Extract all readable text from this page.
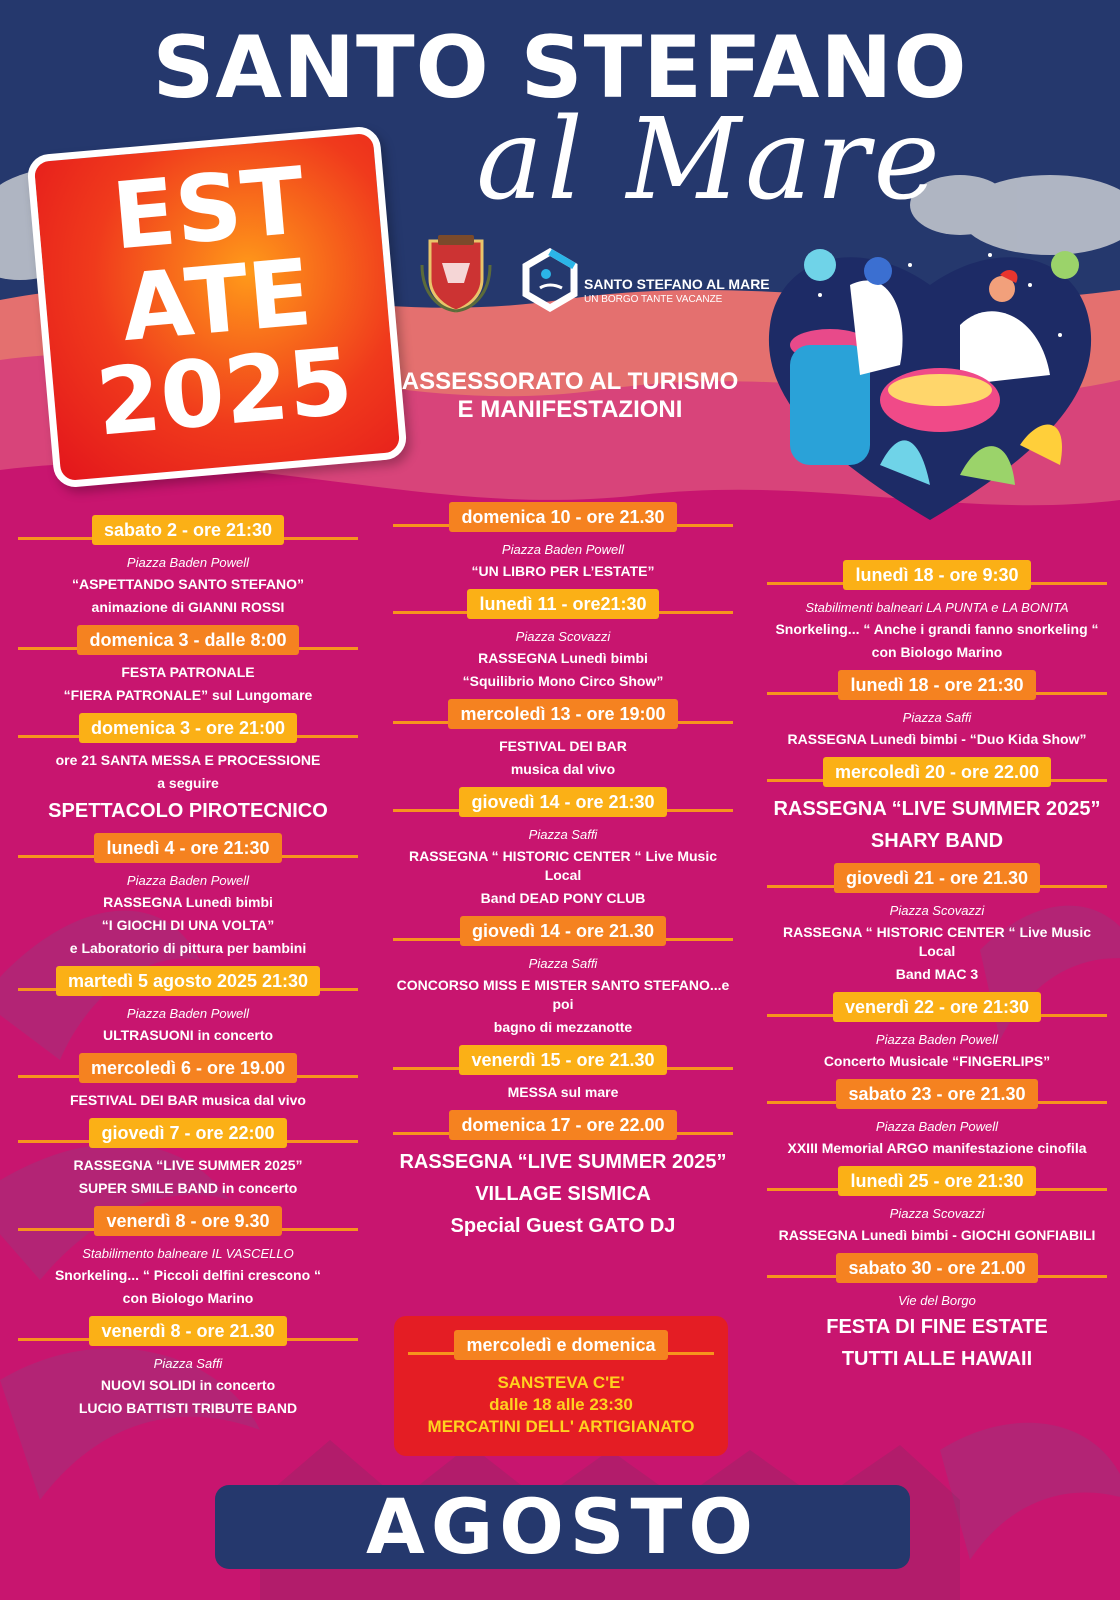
SANTO STEFANO
al Mare
EST
ATE
2025
SANTO STEFANO AL MARE
UN BORGO TANTE VACANZE
ASSESSORATO AL TURISMO
E MANIFESTAZIONI
sabato 2 - ore 21:30
Piazza Baden Powell
“ASPETTANDO SANTO STEFANO”
animazione di GIANNI ROSSI
domenica 3 - dalle 8:00
FESTA PATRONALE
“FIERA PATRONALE” sul Lungomare
domenica 3 - ore 21:00
ore 21 SANTA MESSA E PROCESSIONE
a seguire
SPETTACOLO PIROTECNICO
lunedì 4 - ore 21:30
Piazza Baden Powell
RASSEGNA Lunedì bimbi
“I GIOCHI DI UNA VOLTA”
e Laboratorio di pittura per bambini
martedì 5 agosto 2025 21:30
Piazza Baden Powell
ULTRASUONI in concerto
mercoledì 6 - ore 19.00
FESTIVAL DEI BAR musica dal vivo
giovedì 7 - ore 22:00
RASSEGNA “LIVE SUMMER 2025”
SUPER SMILE BAND in concerto
venerdì 8 - ore 9.30
Stabilimento balneare IL VASCELLO
Snorkeling... “ Piccoli delfini crescono “
con Biologo Marino
venerdì 8 - ore 21.30
Piazza Saffi
NUOVI SOLIDI in concerto
LUCIO BATTISTI TRIBUTE BAND
domenica 10 - ore 21.30
Piazza Baden Powell
“UN LIBRO PER L’ESTATE”
lunedì 11 - ore21:30
Piazza Scovazzi
RASSEGNA Lunedì bimbi
“Squilibrio Mono Circo Show”
mercoledì 13 - ore 19:00
FESTIVAL DEI BAR
musica dal vivo
giovedì 14 - ore 21:30
Piazza Saffi
RASSEGNA “ HISTORIC CENTER “ Live Music Local
Band DEAD PONY CLUB
giovedì 14 - ore 21.30
Piazza Saffi
CONCORSO MISS E MISTER SANTO STEFANO...e poi
bagno di mezzanotte
venerdì 15 - ore 21.30
MESSA sul mare
domenica 17 - ore 22.00
RASSEGNA “LIVE SUMMER 2025”
VILLAGE SISMICA
Special Guest GATO DJ
lunedì 18 - ore 9:30
Stabilimenti balneari LA PUNTA e LA BONITA
Snorkeling... “ Anche i grandi fanno snorkeling “
con Biologo Marino
lunedì 18 - ore 21:30
Piazza Saffi
RASSEGNA Lunedì bimbi - “Duo Kida Show”
mercoledì 20 - ore 22.00
RASSEGNA “LIVE SUMMER 2025”
SHARY BAND
giovedì 21 - ore 21.30
Piazza Scovazzi
RASSEGNA “ HISTORIC CENTER “ Live Music Local
Band MAC 3
venerdì 22 - ore 21:30
Piazza Baden Powell
Concerto Musicale “FINGERLIPS”
sabato 23 - ore 21.30
Piazza Baden Powell
XXIII Memorial ARGO manifestazione cinofila
lunedì 25 - ore 21:30
Piazza Scovazzi
RASSEGNA Lunedì bimbi - GIOCHI GONFIABILI
sabato 30 - ore 21.00
Vie del Borgo
FESTA DI FINE ESTATE
TUTTI ALLE HAWAII
mercoledì e domenica
SANSTEVA C'E'
dalle 18 alle 23:30
MERCATINI DELL' ARTIGIANATO
AGOSTO
